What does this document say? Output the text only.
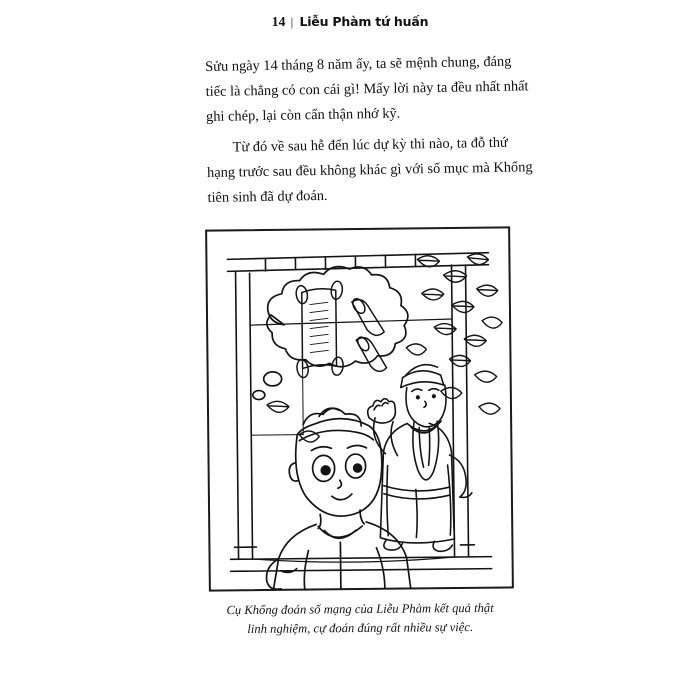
14 | Liễu Phàm tứ huấn

Sửu ngày 14 tháng 8 năm ấy, ta sẽ mệnh chung, đáng tiếc là chẳng có con cái gì! Mấy lời này ta đều nhất nhất ghi chép, lại còn cẩn thận nhớ kỹ.

Từ đó về sau hễ đến lúc dự kỳ thi nào, ta đỗ thứ hạng trước sau đều không khác gì với số mục mà Khổng tiên sinh đã dự đoán.

Cụ Khổng đoán số mạng của Liễu Phàm kết quả thật
linh nghiệm, cự đoán đúng rất nhiều sự việc.
